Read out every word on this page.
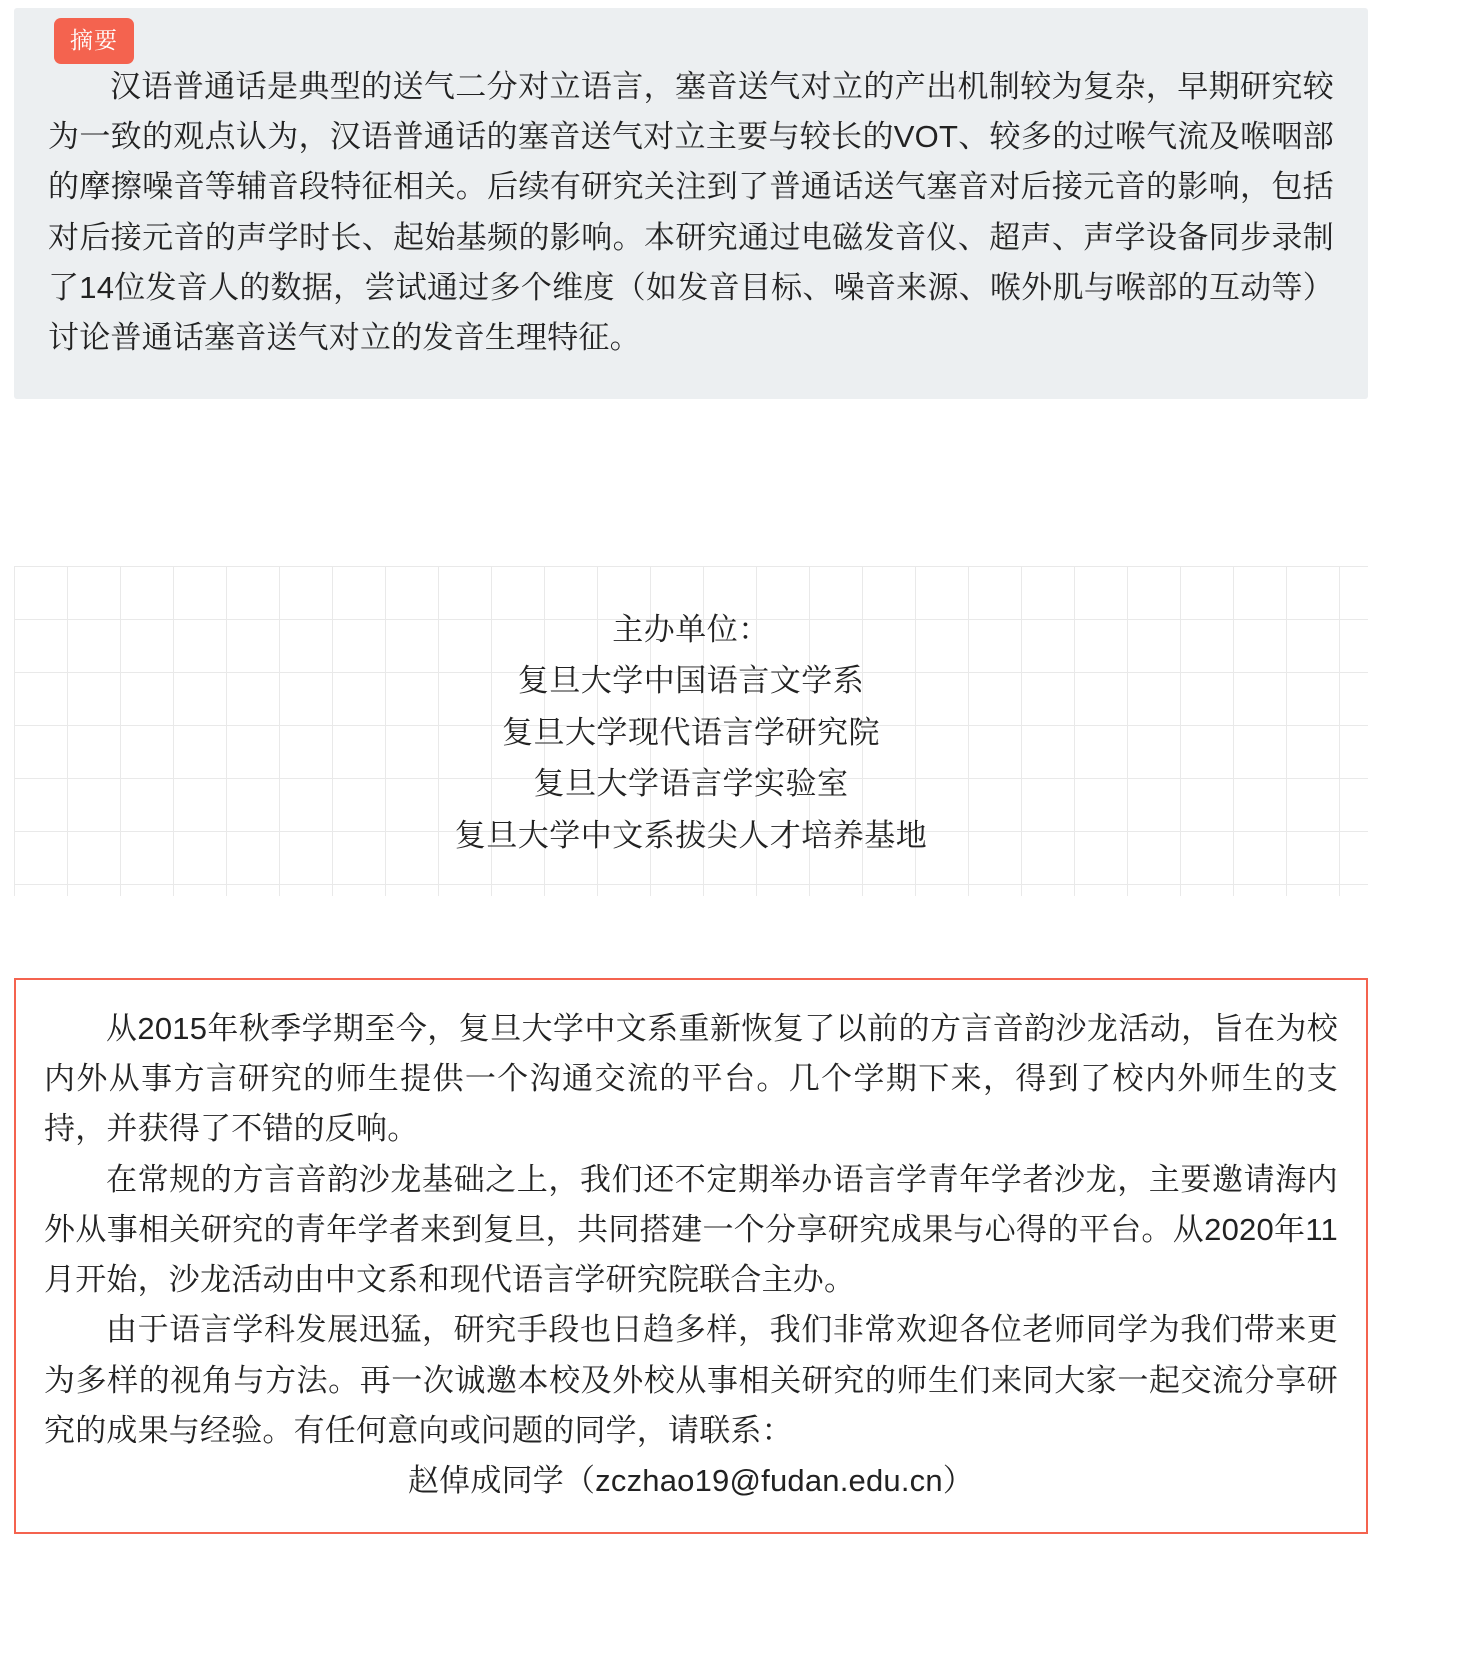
摘要

汉语普通话是典型的送气二分对立语言，塞音送气对立的产出机制较为复杂，早期研究较为一致的观点认为，汉语普通话的塞音送气对立主要与较长的VOT、较多的过喉气流及喉咽部的摩擦噪音等辅音段特征相关。后续有研究关注到了普通话送气塞音对后接元音的影响，包括对后接元音的声学时长、起始基频的影响。本研究通过电磁发音仪、超声、声学设备同步录制了14位发音人的数据，尝试通过多个维度（如发音目标、噪音来源、喉外肌与喉部的互动等）讨论普通话塞音送气对立的发音生理特征。

主办单位：
复旦大学中国语言文学系
复旦大学现代语言学研究院
复旦大学语言学实验室
复旦大学中文系拔尖人才培养基地

从2015年秋季学期至今，复旦大学中文系重新恢复了以前的方言音韵沙龙活动，旨在为校内外从事方言研究的师生提供一个沟通交流的平台。几个学期下来，得到了校内外师生的支持，并获得了不错的反响。

在常规的方言音韵沙龙基础之上，我们还不定期举办语言学青年学者沙龙，主要邀请海内外从事相关研究的青年学者来到复旦，共同搭建一个分享研究成果与心得的平台。从2020年11月开始，沙龙活动由中文系和现代语言学研究院联合主办。

由于语言学科发展迅猛，研究手段也日趋多样，我们非常欢迎各位老师同学为我们带来更为多样的视角与方法。再一次诚邀本校及外校从事相关研究的师生们来同大家一起交流分享研究的成果与经验。有任何意向或问题的同学，请联系：

赵倬成同学（zczhao19@fudan.edu.cn）
